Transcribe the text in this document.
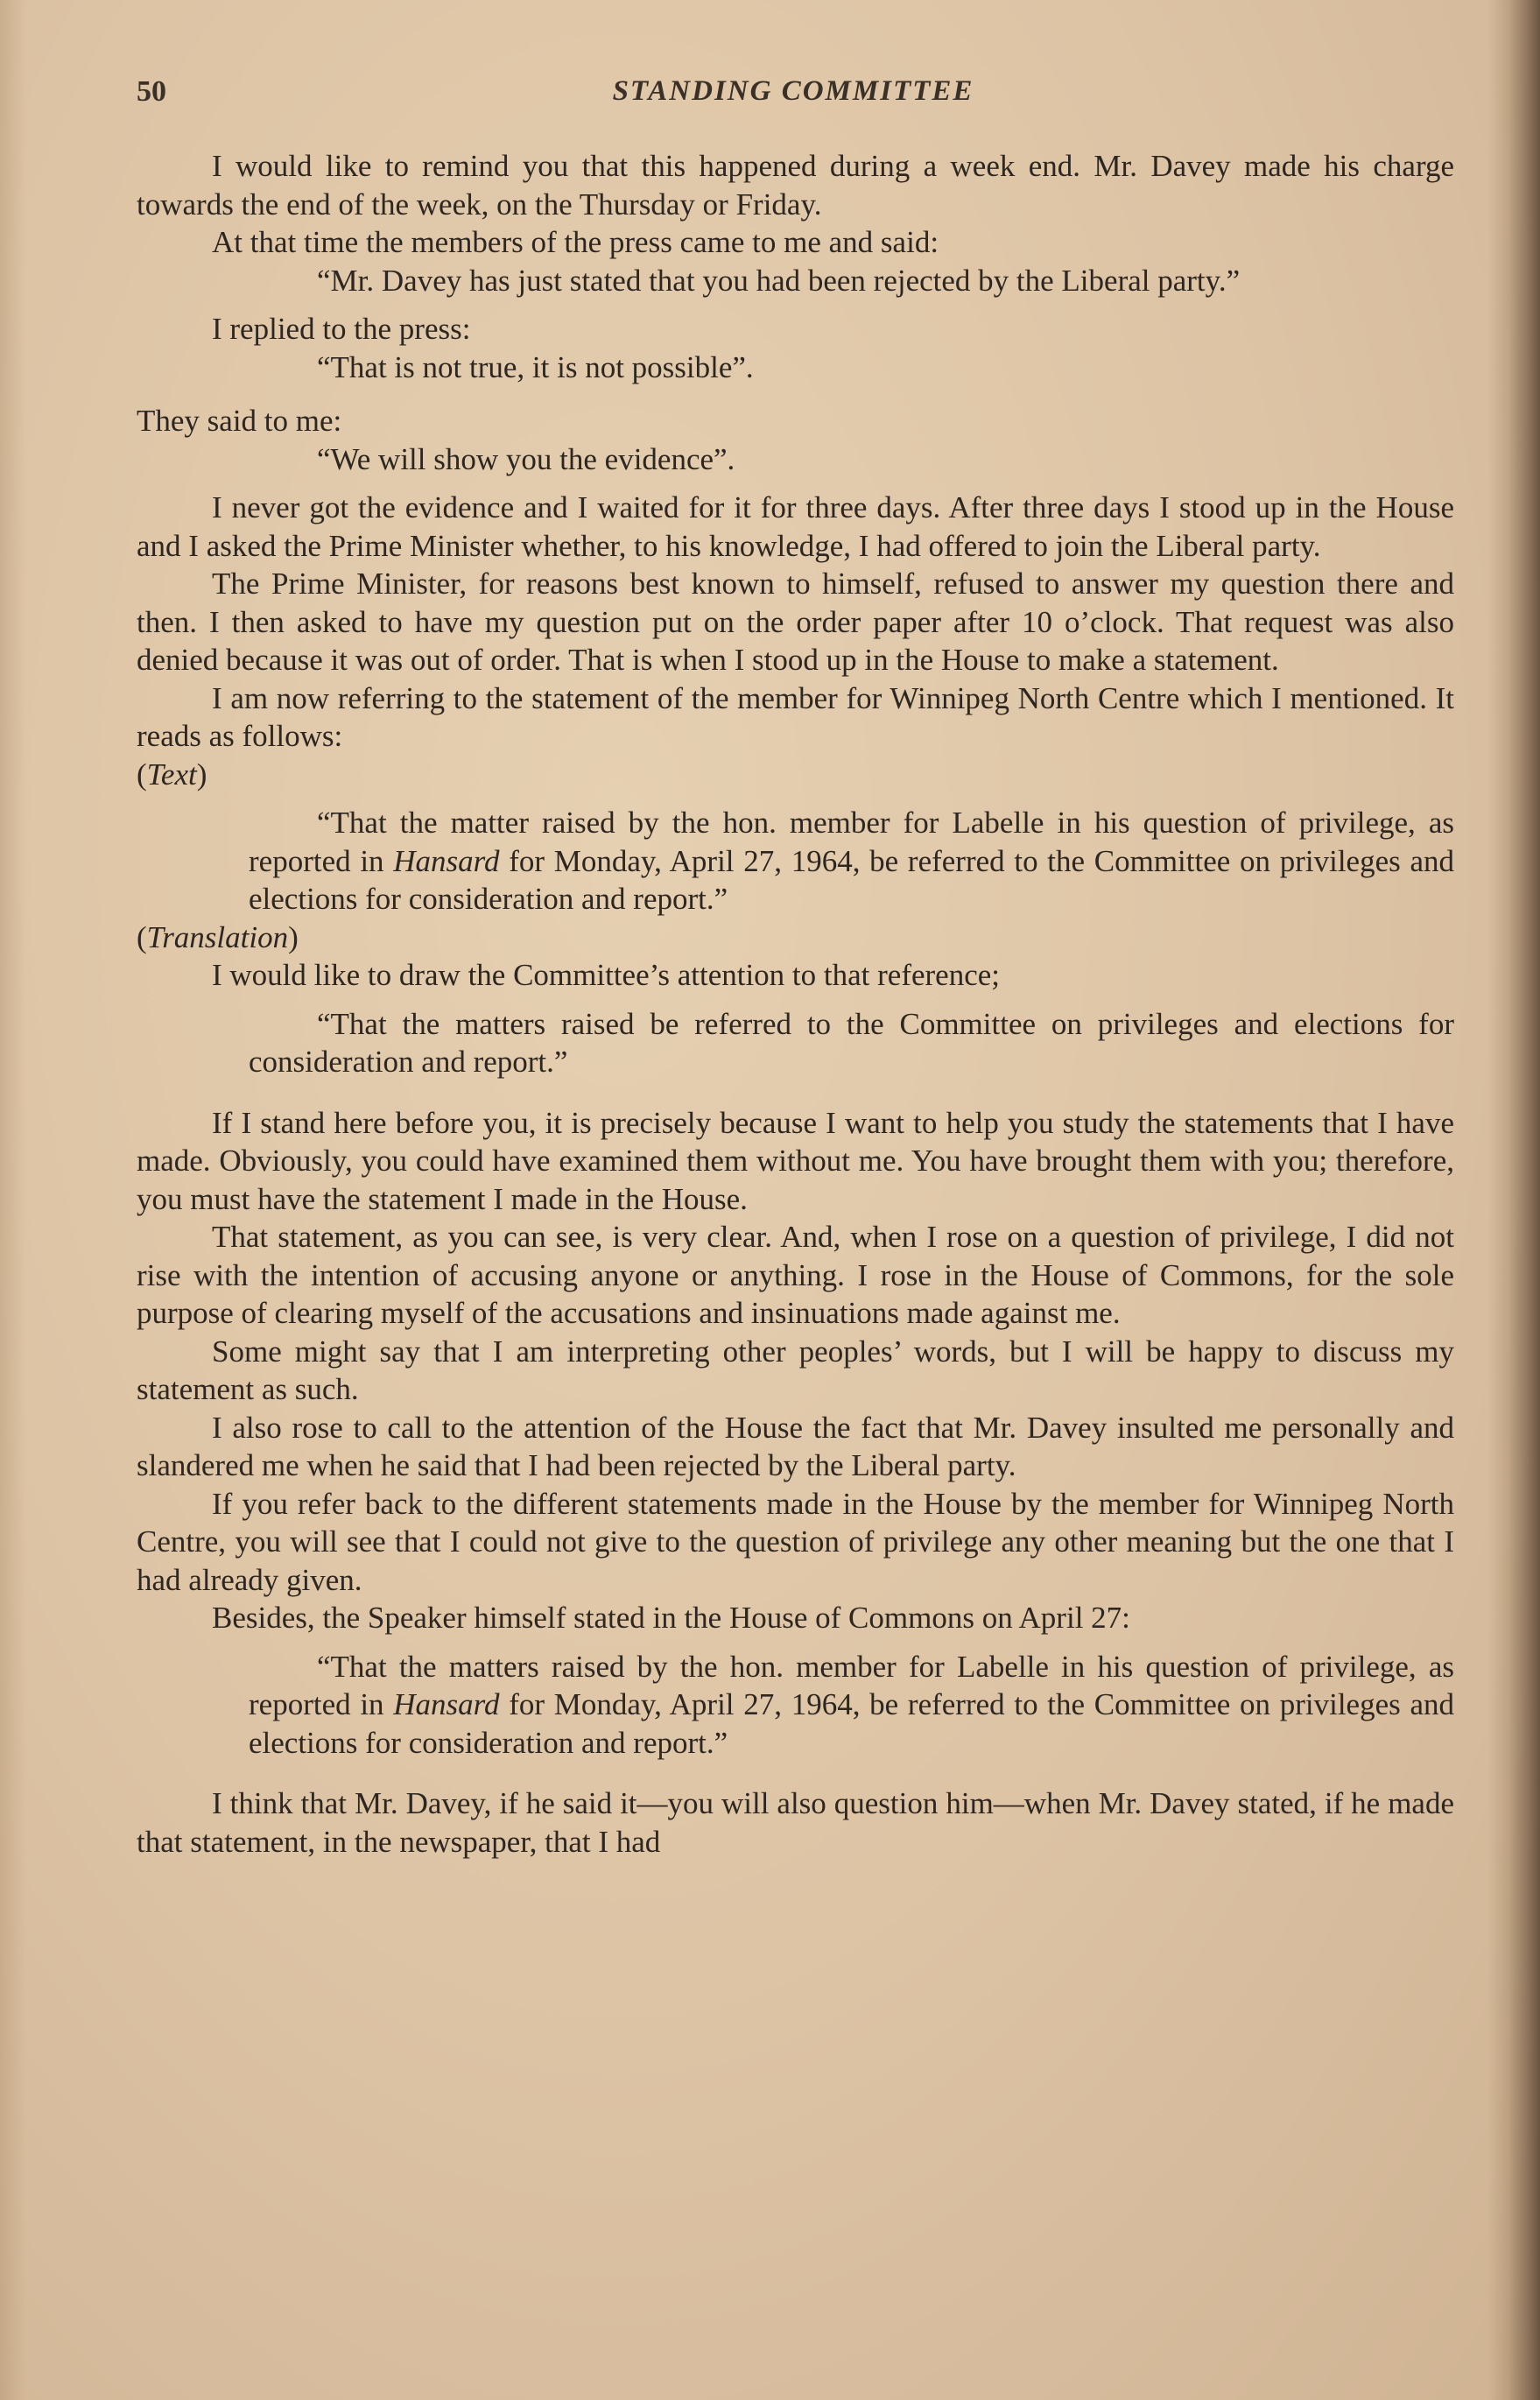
STANDING COMMITTEE
50

I would like to remind you that this happened during a week end. Mr. Davey made his charge towards the end of the week, on the Thursday or Friday.

At that time the members of the press came to me and said:

“Mr. Davey has just stated that you had been rejected by the Liberal party.”

I replied to the press:

“That is not true, it is not possible”.

They said to me:

“We will show you the evidence”.

I never got the evidence and I waited for it for three days. After three days I stood up in the House and I asked the Prime Minister whether, to his knowledge, I had offered to join the Liberal party.

The Prime Minister, for reasons best known to himself, refused to answer my question there and then. I then asked to have my question put on the order paper after 10 o’clock. That request was also denied because it was out of order. That is when I stood up in the House to make a statement.

I am now referring to the statement of the member for Winnipeg North Centre which I mentioned. It reads as follows:

(Text)

“That the matter raised by the hon. member for Labelle in his question of privilege, as reported in Hansard for Monday, April 27, 1964, be referred to the Committee on privileges and elections for consideration and report.”

(Translation)

I would like to draw the Committee’s attention to that reference;

“That the matters raised be referred to the Committee on privileges and elections for consideration and report.”

If I stand here before you, it is precisely because I want to help you study the statements that I have made. Obviously, you could have examined them without me. You have brought them with you; therefore, you must have the statement I made in the House.

That statement, as you can see, is very clear. And, when I rose on a question of privilege, I did not rise with the intention of accusing anyone or anything. I rose in the House of Commons, for the sole purpose of clearing myself of the accusations and insinuations made against me.

Some might say that I am interpreting other peoples’ words, but I will be happy to discuss my statement as such.

I also rose to call to the attention of the House the fact that Mr. Davey insulted me personally and slandered me when he said that I had been rejected by the Liberal party.

If you refer back to the different statements made in the House by the member for Winnipeg North Centre, you will see that I could not give to the question of privilege any other meaning but the one that I had already given.

Besides, the Speaker himself stated in the House of Commons on April 27:

“That the matters raised by the hon. member for Labelle in his question of privilege, as reported in Hansard for Monday, April 27, 1964, be referred to the Committee on privileges and elections for consideration and report.”

I think that Mr. Davey, if he said it—you will also question him—when Mr. Davey stated, if he made that statement, in the newspaper, that I had
